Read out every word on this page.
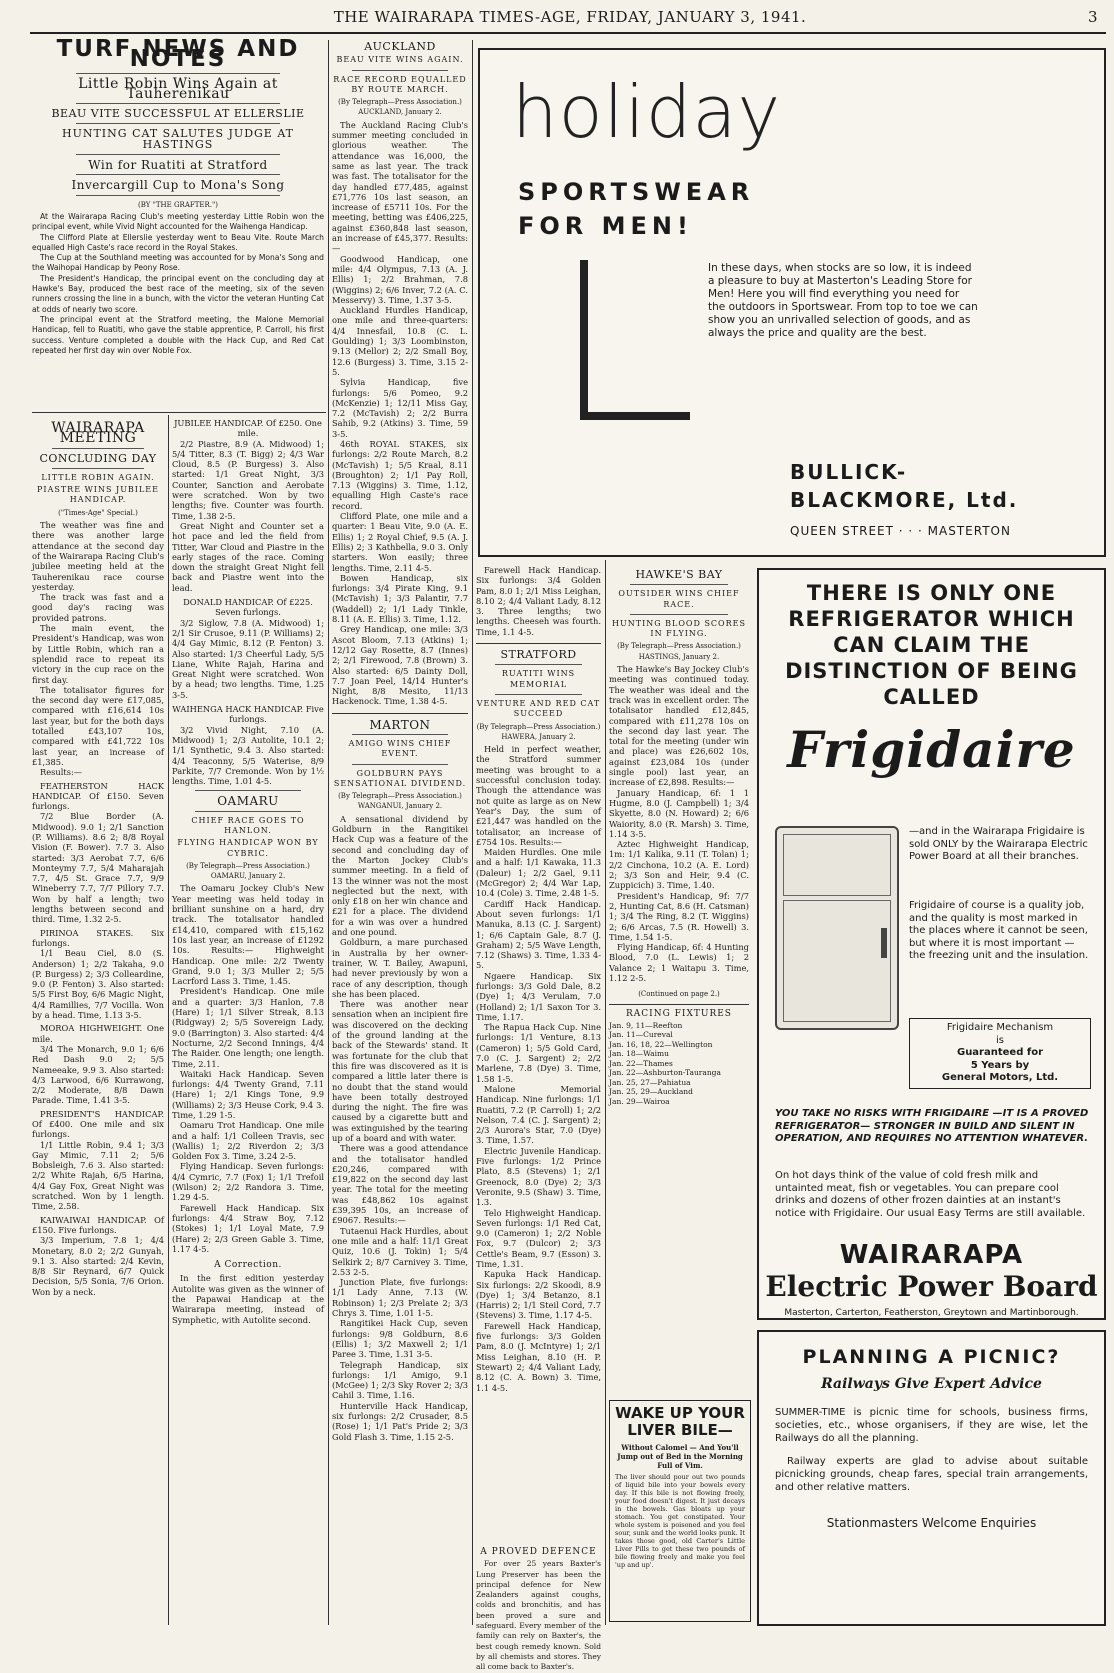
THE WAIRARAPA TIMES-AGE, FRIDAY, JANUARY 3, 1941.	3
TURF NEWS AND NOTES
Little Robin Wins Again at Tauherenikau
BEAU VITE SUCCESSFUL AT ELLERSLIE
HUNTING CAT SALUTES JUDGE AT HASTINGS
Win for Ruatiti at Stratford
Invercargill Cup to Mona's Song
(BY "THE GRAFTER.")

At the Wairarapa Racing Club's meeting yesterday Little Robin won the principal event, while Vivid Night accounted for the Waihenga Handicap.

The Clifford Plate at Ellerslie yesterday went to Beau Vite. Route March equalled High Caste's race record in the Royal Stakes.

The Cup at the Southland meeting was accounted for by Mona's Song and the Waihopai Handicap by Peony Rose.

The President's Handicap, the principal event on the concluding day at Hawke's Bay, produced the best race of the meeting, six of the seven runners crossing the line in a bunch, with the victor the veteran Hunting Cat at odds of nearly two score.

The principal event at the Stratford meeting, the Malone Memorial Handicap, fell to Ruatiti, who gave the stable apprentice, P. Carroll, his first success. Venture completed a double with the Hack Cup, and Red Cat repeated her first day win over Noble Fox.

WAIRARAPA MEETING
CONCLUDING DAY
LITTLE ROBIN AGAIN.
PIASTRE WINS JUBILEE HANDICAP.
("Times-Age" Special.)

The weather was fine and there was another large attendance at the second day of the Wairarapa Racing Club's jubilee meeting held at the Tauherenikau race course yesterday.

The track was fast and a good day's racing was provided patrons.

The main event, the President's Handicap, was won by Little Robin, which ran a splendid race to repeat its victory in the cup race on the first day.

The totalisator figures for the second day were £17,085, compared with £16,614 10s last year, but for the both days totalled £43,107 10s, compared with £41,722 10s last year, an increase of £1,385.

Results:—

FEATHERSTON HACK HANDICAP. Of £150. Seven furlongs.

7/2 Blue Border (A. Midwood). 9.0 1; 2/1 Sanction (P. Williams). 8.6 2; 8/8 Royal Vision (F. Bower). 7.7 3. Also started: 3/3 Aerobat 7.7, 6/6 Monteymy 7.7, 5/4 Maharajah 7.7, 4/5 St. Grace 7.7, 9/9 Wineberry 7.7, 7/7 Pillory 7.7. Won by half a length; two lengths between second and third. Time, 1.32 2-5.

PIRINOA STAKES. Six furlongs.

1/1 Beau Ciel, 8.0 (S. Anderson) 1; 2/2 Takaha, 9.0 (P. Burgess) 2; 3/3 Colleardine, 9.0 (P. Fenton) 3. Also started: 5/5 First Boy, 6/6 Magic Night, 4/4 Ramillies, 7/7 Vocilla. Won by a head. Time, 1.13 3-5.

MOROA HIGHWEIGHT. One mile.

3/4 The Monarch, 9.0 1; 6/6 Red Dash 9.0 2; 5/5 Nameeake, 9.9 3. Also started: 4/3 Larwood, 6/6 Kurrawong, 2/2 Moderate, 8/8 Dawn Parade. Time, 1.41 3-5.

PRESIDENT'S HANDICAP. Of £400. One mile and six furlongs.

1/1 Little Robin, 9.4 1; 3/3 Gay Mimic, 7.11 2; 5/6 Bobsleigh, 7.6 3. Also started: 2/2 White Rajah, 6/5 Harina, 4/4 Gay Fox, Great Night was scratched. Won by 1 length. Time, 2.58.

KAIWAIWAI HANDICAP. Of £150. Five furlongs.

3/3 Imperium, 7.8 1; 4/4 Monetary, 8.0 2; 2/2 Gunyah, 9.1 3. Also started: 2/4 Kevin, 8/8 Sir Reynard, 6/7 Quick Decision, 5/5 Sonia, 7/6 Orion. Won by a neck.

JUBILEE HANDICAP. Of £250. One mile.

2/2 Piastre, 8.9 (A. Midwood) 1; 5/4 Titter, 8.3 (T. Bigg) 2; 4/3 War Cloud, 8.5 (P. Burgess) 3. Also started: 1/1 Great Night, 3/3 Counter, Sanction and Aerobate were scratched. Won by two lengths; five. Counter was fourth. Time, 1.38 2-5.

Great Night and Counter set a hot pace and led the field from Titter, War Cloud and Piastre in the early stages of the race. Coming down the straight Great Night fell back and Piastre went into the lead.

DONALD HANDICAP. Of £225. Seven furlongs.

3/2 Siglow, 7.8 (A. Midwood) 1; 2/1 Sir Crusoe, 9.11 (P. Williams) 2; 4/4 Gay Mimic, 8.12 (P. Fenton) 3. Also started: 1/3 Cheerful Lady, 5/5 Liane, White Rajah, Harina and Great Night were scratched. Won by a head; two lengths. Time, 1.25 3-5.

WAIHENGA HACK HANDICAP. Five furlongs.

3/2 Vivid Night, 7.10 (A. Midwood) 1; 2/3 Autolite, 10.1 2; 1/1 Synthetic, 9.4 3. Also started: 4/4 Teaconny, 5/5 Waterise, 8/9 Parkite, 7/7 Cremonde. Won by 1½ lengths. Time, 1.01 4-5.

OAMARU
CHIEF RACE GOES TO HANLON.
FLYING HANDICAP WON BY CYBRIC.
(By Telegraph—Press Association.) OAMARU, January 2.

The Oamaru Jockey Club's New Year meeting was held today in brilliant sunshine on a hard, dry track. The totalisator handled £14,410, compared with £15,162 10s last year, an increase of £1292 10s. Results:— Highweight Handicap. One mile: 2/2 Twenty Grand, 9.0 1; 3/3 Muller 2; 5/5 Lacrford Lass 3. Time, 1.45.

President's Handicap. One mile and a quarter: 3/3 Hanlon, 7.8 (Hare) 1; 1/1 Silver Streak, 8.13 (Ridgway) 2; 5/5 Sovereign Lady, 9.0 (Barrington) 3. Also started: 4/4 Nocturne, 2/2 Second Innings, 4/4 The Raider. One length; one length. Time, 2.11.

Waitaki Hack Handicap. Seven furlongs: 4/4 Twenty Grand, 7.11 (Hare) 1; 2/1 Kings Tone, 9.9 (Williams) 2; 3/3 Heuse Cork, 9.4 3. Time, 1.29 1-5.

Oamaru Trot Handicap. One mile and a half: 1/1 Colleen Travis, sec (Wallis) 1; 2/2 Riverdon 2; 3/3 Golden Fox 3. Time, 3.24 2-5.

Flying Handicap. Seven furlongs: 4/4 Cymric, 7.7 (Fox) 1; 1/1 Trefoil (Wilson) 2; 2/2 Randora 3. Time, 1.29 4-5.

Farewell Hack Handicap. Six furlongs: 4/4 Straw Boy, 7.12 (Stokes) 1; 1/1 Loyal Mate, 7.9 (Hare) 2; 2/3 Green Gable 3. Time, 1.17 4-5.

A Correction.

In the first edition yesterday Autolite was given as the winner of the Papawai Handicap at the Wairarapa meeting, instead of Symphetic, with Autolite second.

AUCKLAND
BEAU VITE WINS AGAIN.
RACE RECORD EQUALLED BY ROUTE MARCH.
(By Telegraph—Press Association.) AUCKLAND, January 2.

The Auckland Racing Club's summer meeting concluded in glorious weather. The attendance was 16,000, the same as last year. The track was fast. The totalisator for the day handled £77,485, against £71,776 10s last season, an increase of £5711 10s. For the meeting, betting was £406,225, against £360,848 last season, an increase of £45,377. Results:—

Goodwood Handicap, one mile: 4/4 Olympus, 7.13 (A. J. Ellis) 1; 2/2 Brahman, 7.8 (Wiggins) 2; 6/6 Inver, 7.2 (A. C. Messervy) 3. Time, 1.37 3-5.

Auckland Hurdles Handicap, one mile and three-quarters: 4/4 Innesfail, 10.8 (C. L. Goulding) 1; 3/3 Loombinston, 9.13 (Mellor) 2; 2/2 Small Boy, 12.6 (Burgess) 3. Time, 3.15 2-5.

Sylvia Handicap, five furlongs: 5/6 Pomeo, 9.2 (McKenzie) 1; 12/11 Miss Gay, 7.2 (McTavish) 2; 2/2 Burra Sahib, 9.2 (Atkins) 3. Time, 59 3-5.

46th ROYAL STAKES, six furlongs: 2/2 Route March, 8.2 (McTavish) 1; 5/5 Kraal, 8.11 (Broughton) 2; 1/1 Pay Roll, 7.13 (Wiggins) 3. Time, 1.12, equalling High Caste's race record.

Clifford Plate, one mile and a quarter: 1 Beau Vite, 9.0 (A. E. Ellis) 1; 2 Royal Chief, 9.5 (A. J. Ellis) 2; 3 Kathbella, 9.0 3. Only starters. Won easily; three lengths. Time, 2.11 4-5.

Bowen Handicap, six furlongs: 3/4 Pirate King, 9.1 (McTavish) 1; 3/3 Palantir, 7.7 (Waddell) 2; 1/1 Lady Tinkle, 8.11 (A. E. Ellis) 3. Time, 1.12.

Grey Handicap, one mile: 3/3 Ascot Bloom, 7.13 (Atkins) 1; 12/12 Gay Rosette, 8.7 (Innes) 2; 2/1 Firewood, 7.8 (Brown) 3. Also started: 6/5 Dainty Doll, 7.7 Joan Peel, 14/14 Hunter's Night, 8/8 Mesito, 11/13 Hackenock. Time, 1.38 4-5.

MARTON
AMIGO WINS CHIEF EVENT.
GOLDBURN PAYS SENSATIONAL DIVIDEND.
(By Telegraph—Press Association.) WANGANUI, January 2.

A sensational dividend by Goldburn in the Rangitikei Hack Cup was a feature of the second and concluding day of the Marton Jockey Club's summer meeting. In a field of 13 the winner was not the most neglected but the next, with only £18 on her win chance and £21 for a place. The dividend for a win was over a hundred and one pound.

Goldburn, a mare purchased in Australia by her owner-trainer, W. T. Bailey, Awapuni, had never previously by won a race of any description, though she has been placed.

There was another near sensation when an incipient fire was discovered on the decking of the ground landing at the back of the Stewards' stand. It was fortunate for the club that this fire was discovered as it is compared a little later there is no doubt that the stand would have been totally destroyed during the night. The fire was caused by a cigarette butt and was extinguished by the tearing up of a board and with water.

There was a good attendance and the totalisator handled £20,246, compared with £19,822 on the second day last year. The total for the meeting was £48,862 10s against £39,395 10s, an increase of £9067. Results:—

Tutaenui Hack Hurdles, about one mile and a half: 11/1 Great Quiz, 10.6 (J. Tokin) 1; 5/4 Selkirk 2; 8/7 Carnivey 3. Time, 2.53 2-5.

Junction Plate, five furlongs: 1/1 Lady Anne, 7.13 (W. Robinson) 1; 2/3 Prelate 2; 3/3 Chrys 3. Time, 1.01 1-5.

Rangitikei Hack Cup, seven furlongs: 9/8 Goldburn, 8.6 (Ellis) 1; 3/2 Maxwell 2; 1/1 Paree 3. Time, 1.31 3-5.

Telegraph Handicap, six furlongs: 1/1 Amigo, 9.1 (McGee) 1; 2/3 Sky Rover 2; 3/3 Cahil 3. Time, 1.16.

Hunterville Hack Handicap, six furlongs: 2/2 Crusader, 8.5 (Rose) 1; 1/1 Pat's Pride 2; 3/3 Gold Flash 3. Time, 1.15 2-5.

Farewell Hack Handicap. Six furlongs: 3/4 Golden Pam, 8.0 1; 2/1 Miss Leighan, 8.10 2; 4/4 Valiant Lady, 8.12 3. Three lengths; two lengths. Cheeseh was fourth. Time, 1.1 4-5.

STRATFORD
RUATITI WINS MEMORIAL
VENTURE AND RED CAT SUCCEED
(By Telegraph—Press Association.) HAWERA, January 2.

Held in perfect weather, the Stratford summer meeting was brought to a successful conclusion today. Though the attendance was not quite as large as on New Year's Day, the sum of £21,447 was handled on the totalisator, an increase of £754 10s. Results:—

Maiden Hurdles. One mile and a half: 1/1 Kawaka, 11.3 (Daleur) 1; 2/2 Gael, 9.11 (McGregor) 2; 4/4 War Lap, 10.4 (Cole) 3. Time, 2.48 1-5.

Cardiff Hack Handicap. About seven furlongs: 1/1 Manuka, 8.13 (C. J. Sargent) 1; 6/6 Captain Gale, 8.7 (J. Graham) 2; 5/5 Wave Length, 7.12 (Shaws) 3. Time, 1.33 4-5.

Ngaere Handicap. Six furlongs: 3/3 Gold Dale, 8.2 (Dye) 1; 4/3 Verulam, 7.0 (Holland) 2; 1/1 Saxon Tor 3. Time, 1.17.

The Rapua Hack Cup. Nine furlongs: 1/1 Venture, 8.13 (Cameron) 1; 5/5 Gold Card, 7.0 (C. J. Sargent) 2; 2/2 Marlene, 7.8 (Dye) 3. Time, 1.58 1-5.

Malone Memorial Handicap. Nine furlongs: 1/1 Ruatiti, 7.2 (P. Carroll) 1; 2/2 Nelson, 7.4 (C. J. Sargent) 2; 2/3 Aurora's Star, 7.0 (Dye) 3. Time, 1.57.

Electric Juvenile Handicap. Five furlongs: 1/2 Prince Plato, 8.5 (Stevens) 1; 2/1 Greenock, 8.0 (Dye) 2; 3/3 Veronite, 9.5 (Shaw) 3. Time, 1.3.

Telo Highweight Handicap. Seven furlongs: 1/1 Red Cat, 9.0 (Cameron) 1; 2/2 Noble Fox, 9.7 (Dulcor) 2; 3/3 Cettle's Beam, 9.7 (Esson) 3. Time, 1.31.

Kapuka Hack Handicap. Six furlongs: 2/2 Skoodi, 8.9 (Dye) 1; 3/4 Betanzo, 8.1 (Harris) 2; 1/1 Steil Cord, 7.7 (Stevens) 3. Time, 1.17 4-5.

Farewell Hack Handicap, five furlongs: 3/3 Golden Pam, 8.0 (J. McIntyre) 1; 2/1 Miss Leighan, 8.10 (H. P. Stewart) 2; 4/4 Valiant Lady, 8.12 (C. A. Bown) 3. Time, 1.1 4-5.

WAKE UP YOUR LIVER BILE—
Without Calomel — And You'll Jump out of Bed in the Morning Full of Vim.
The liver should pour out two pounds of liquid bile into your bowels every day. If this bile is not flowing freely, your food doesn't digest. It just decays in the bowels. Gas bloats up your stomach. You get constipated. Your whole system is poisoned and you feel sour, sunk and the world looks punk. It takes those good, old Carter's Little Liver Pills to get these two pounds of bile flowing freely and make you feel 'up and up'.
A PROVED DEFENCE

For over 25 years Baxter's Lung Preserver has been the principal defence for New Zealanders against coughs, colds and bronchitis, and has been proved a sure and safeguard. Every member of the family can rely on Baxter's, the best cough remedy known. Sold by all chemists and stores. They all come back to Baxter's.

HAWKE'S BAY
OUTSIDER WINS CHIEF RACE.
HUNTING BLOOD SCORES IN FLYING.
(By Telegraph—Press Association.) HASTINGS, January 2.

The Hawke's Bay Jockey Club's meeting was continued today. The weather was ideal and the track was in excellent order. The totalisator handled £12,845, compared with £11,278 10s on the second day last year. The total for the meeting (under win and place) was £26,602 10s, against £23,084 10s (under single pool) last year, an increase of £2,898. Results:—

January Handicap, 6f: 1 1 Hugme, 8.0 (J. Campbell) 1; 3/4 Skyette, 8.0 (N. Howard) 2; 6/6 Waiority, 8.0 (R. Marsh) 3. Time, 1.14 3-5.

Aztec Highweight Handicap, 1m: 1/1 Kalika, 9.11 (T. Tolan) 1; 2/2 Cinchona, 10.2 (A. E. Lord) 2; 3/3 Son and Heir, 9.4 (C. Zuppicich) 3. Time, 1.40.

President's Handicap, 9f: 7/7 2, Hunting Cat, 8.6 (H. Catsman) 1; 3/4 The Ring, 8.2 (T. Wiggins) 2; 6/6 Arcas, 7.5 (R. Howell) 3. Time, 1.54 1-5.

Flying Handicap, 6f: 4 Hunting Blood, 7.0 (L. Lewis) 1; 2 Valance 2; 1 Waitapu 3. Time, 1.12 2-5.

(Continued on page 2.)
RACING FIXTURES
Jan. 9, 11—Reefton
Jan. 11—Cureval
Jan. 16, 18, 22—Wellington
Jan. 18—Waimu
Jan. 22—Thames
Jan. 22—Ashburton-Tauranga
Jan. 25, 27—Pahiatua
Jan. 25, 29—Auckland
Jan. 29—Wairoa
holiday
SPORTSWEAR
FOR MEN!
In these days, when stocks are so low, it is indeed a pleasure to buy at Masterton's Leading Store for Men! Here you will find everything you need for the outdoors in Sportswear. From top to toe we can show you an unrivalled selection of goods, and as always the price and quality are the best.
BULLICK-
BLACKMORE, Ltd.
QUEEN STREET · · · MASTERTON
THERE IS ONLY ONE REFRIGERATOR WHICH CAN CLAIM THE DISTINCTION OF BEING CALLED
Frigidaire
—and in the Wairarapa Frigidaire is sold ONLY by the Wairarapa Electric Power Board at all their branches.
Frigidaire of course is a quality job, and the quality is most marked in the places where it cannot be seen, but where it is most important —the freezing unit and the insulation.
Frigidaire Mechanism
is
Guaranteed for
5 Years by
General Motors, Ltd.
YOU TAKE NO RISKS WITH FRIGIDAIRE —IT IS A PROVED REFRIGERATOR— STRONGER IN BUILD AND SILENT IN OPERATION, AND REQUIRES NO ATTENTION WHATEVER.
On hot days think of the value of cold fresh milk and untainted meat, fish or vegetables. You can prepare cool drinks and dozens of other frozen dainties at an instant's notice with Frigidaire. Our usual Easy Terms are still available.
WAIRARAPA
Electric Power Board
Masterton, Carterton, Featherston, Greytown and Martinborough.
PLANNING A PICNIC?
Railways Give Expert Advice
SUMMER-TIME is picnic time for schools, business firms, societies, etc., whose organisers, if they are wise, let the Railways do all the planning.
Railway experts are glad to advise about suitable picnicking grounds, cheap fares, special train arrangements, and other relative matters.
Stationmasters Welcome Enquiries
